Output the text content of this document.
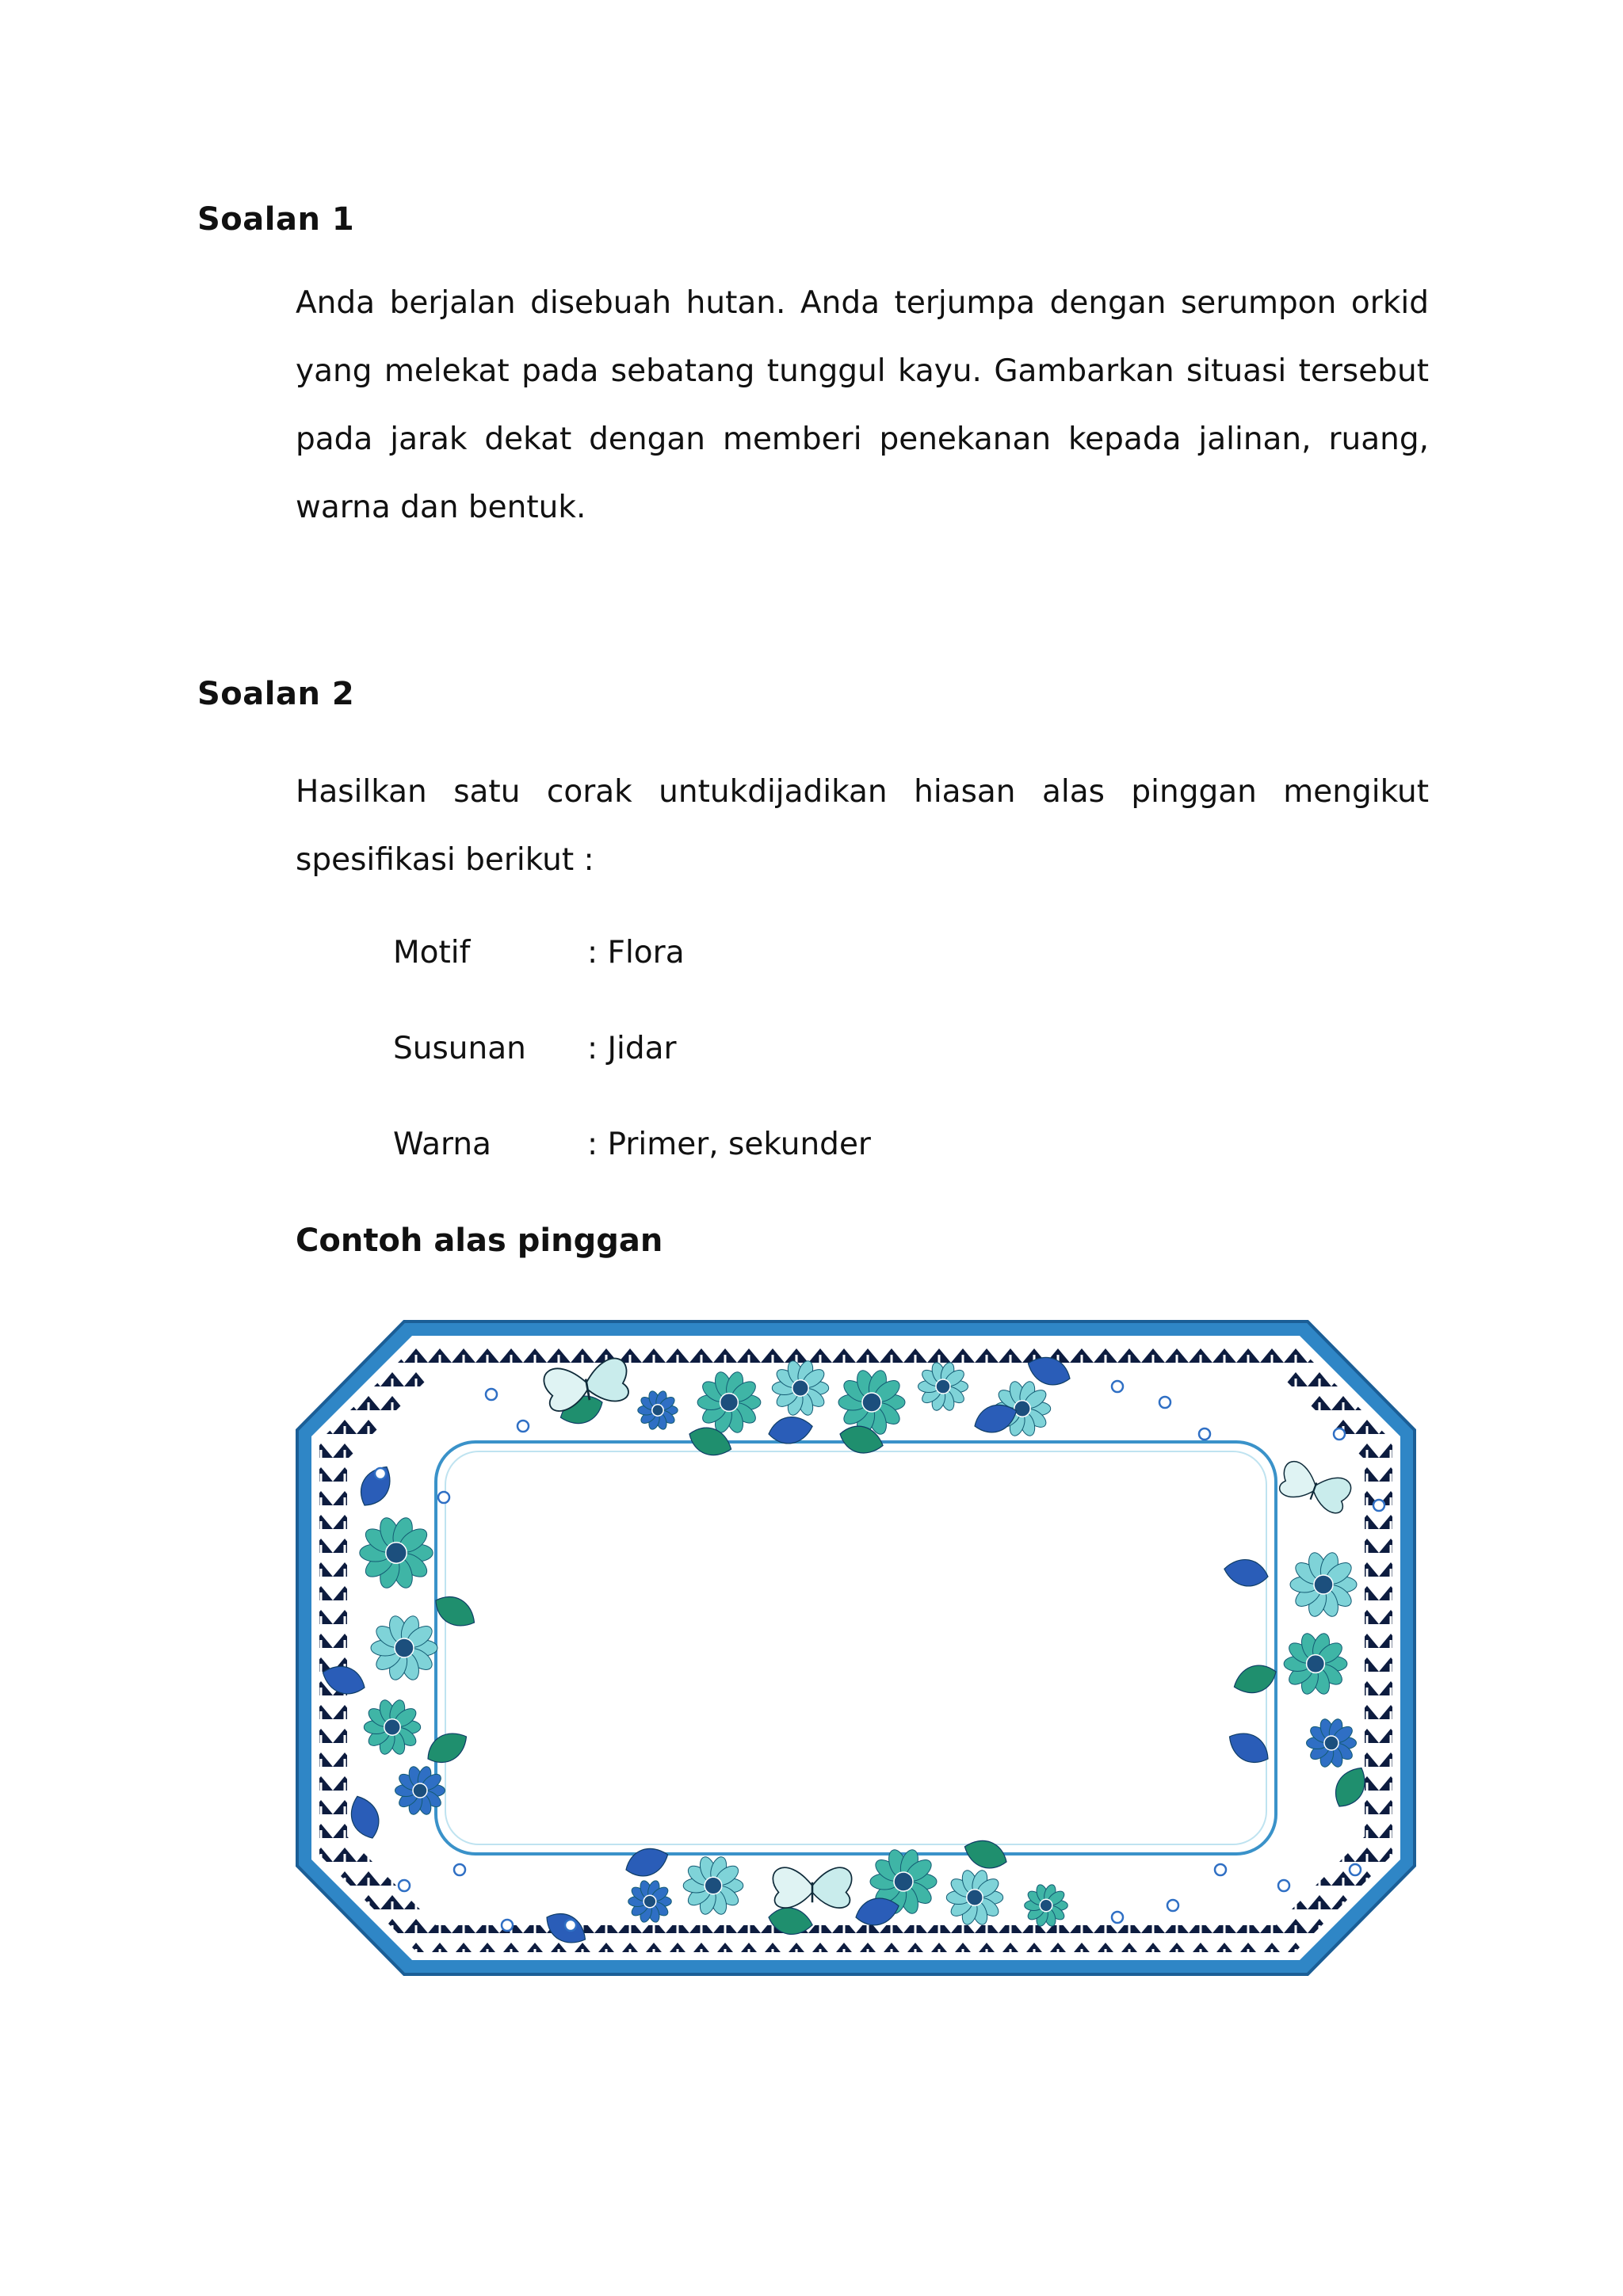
Soalan 1

Anda berjalan disebuah hutan. Anda terjumpa dengan serumpon orkid yang melekat pada sebatang tunggul kayu. Gambarkan situasi tersebut pada jarak dekat dengan memberi penekanan kepada jalinan, ruang, warna dan bentuk.

Soalan 2

Hasilkan satu corak untukdijadikan hiasan alas pinggan mengikut spesifikasi berikut :

Motif	: Flora
Susunan : Jidar
Warna	: Primer, sekunder
Contoh alas pinggan
